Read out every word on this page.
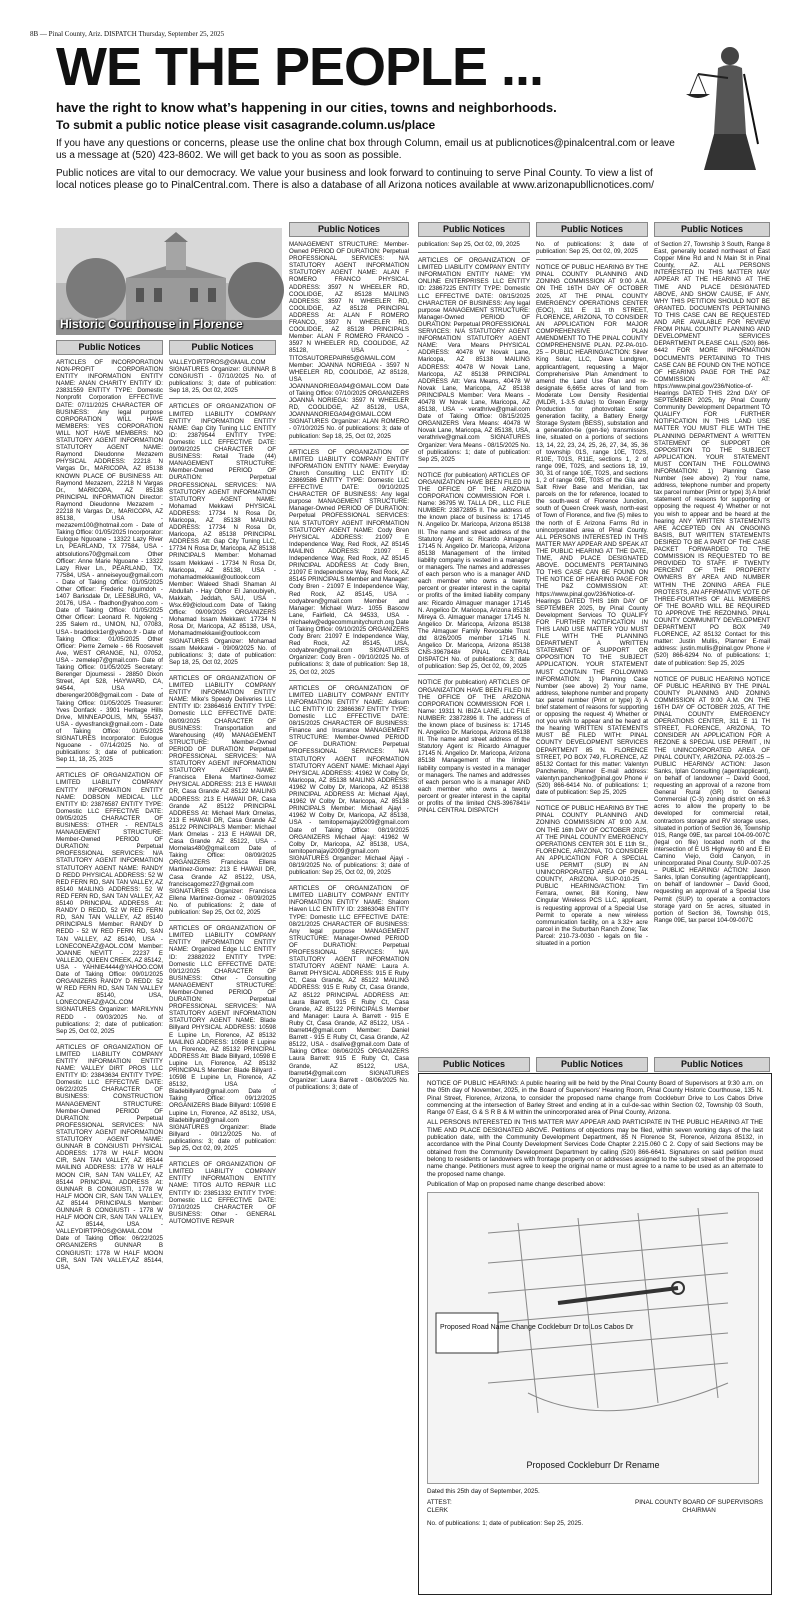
8B — Pinal County, Ariz. DISPATCH Thursday, September 25, 2025
WE THE PEOPLE ...
have the right to know what’s happening in our cities, towns and neighborhoods.
To submit a public notice please visit casagrande.column.us/place

If you have any questions or concerns, please use the online chat box through Column, email us at publicnotices@pinalcentral.com or leave us a message at (520) 423-8602. We will get back to you as soon as possible.

Public notices are vital to our democracy. We value your business and look forward to continuing to serve Pinal County. To view a list of local notices please go to PinalCentral.com. There is also a database of all Arizona notices available at www.arizonapubllicnotices.com/

Historic Courthouse in Florence
Public Notices

ARTICLES OF INCORPORATION NON-PROFIT CORPORATION ENTITY INFORMATION ENTITY NAME: ANAN CHARITY ENTITY ID: 23831559 ENTITY TYPE: Domestic Nonprofit Corporation EFFECTIVE DATE: 07/11/2025 CHARACTER OF BUSINESS: Any legal purpose CORPORATION WILL HAVE MEMBERS: YES CORPORATION WILL NOT HAVE MEMBERS: NO STATUTORY AGENT INFORMATION STATUTORY AGENT NAME: Raymond Dieudonne Mezazem PHYSICAL ADDRESS: 22218 N Vargas Dr., MARICOPA, AZ 85138 KNOWN PLACE OF BUSINESS Att: Raymond Mezazem, 22218 N Vargas Dr., MARICOPA, AZ 85138 PRINCIPAL INFORMATION Director: Raymond Dieudonne Mezazem - 22218 N Vargas Dr., MARICOPA, AZ 85138, USA - mezazem100@hotmail.com - Date of Taking Office: 01/05/2025 Incorporator: Eulogue Nguoane - 13322 Lazy River Ln, PEARLAND, TX 77584, USA - abtsolutions70@gmail.com Other Officer: Anne Marie Nguoane - 13322 Lazy River Ln., PEARLAND, TX, 77584, USA - anneiseyou@gmail.com - Date of Taking Office: 01/05/2025 Other Officer: Frederic Nguimdoh - 1407 Barksdale Dr, LEESBURG, VA, 20176, USA - fbadhon@yahoo.com - Date of Taking Office: 01/05/2025 Other Officer: Leonard R. Ngoleng - 235 Salem rd., UNION, NJ, 07083, USA - braddock1er@yahoo.fr - Date of Taking Office: 01/05/2025 Other Officer: Pierre Zemele - 66 Roosevelt Ave, WEST ORANGE, NJ, 07052, USA - zemelep7@gmail.com- Date of Taking Office: 01/05/2025 Secretary: Berenger Djoumessi - 28850 Dixon Street, Apt 528, HAYWARD, CA, 94544, USA - dberenger2008@gmail.com - Date of Taking Office: 01/05/2025 Treasurer: Yves Donfack - 3901 Heritage Hills Drive, MINNEAPOLIS, MN, 55437, USA - dyvesfranck@gmail.com - Date of Taking Office: 01/05/2025 SIGNATURES Incorporator: Eulogue Nguoane - 07/14/2025 No. of publications: 3; date of publication: Sep 11, 18, 25, 2025

ARTICLES OF ORGANIZATION OF LIMITED LIABILITY COMPANY ENTITY INFORMATION ENTITY NAME: DOBSON MEDICAL LLC ENTITY ID: 23876587 ENTITY TYPE: Domestic LLC EFFECTIVE DATE: 09/05/2025 CHARACTER OF BUSINESS: OTHER - RENTALS MANAGEMENT STRUCTURE: Member-Owned PERIOD OF DURATION: Perpetual PROFESSIONAL SERVICES: N/A STATUTORY AGENT INFORMATION STATUTORY AGENT NAME: RANDY D REDD PHYSICAL ADDRESS: 52 W RED FERN RD, SAN TAN VALLEY, AZ 85140 MAILING ADDRESS: 52 W RED FERN RD, SAN TAN VALLEY, AZ 85140 PRINCIPAL ADDRESS At: RANDY D REDD, 52 W RED FERN RD, SAN TAN VALLEY, AZ 85140 PRINCIPALS Member: RANDY D REDD - 52 W RED FERN RD, SAN TAN VALLEY, AZ 85140, USA - LONECONEAZ@AOL.COM Member: JOANNE NEVITT - 22237 E VALLEJO, QUEEN CREEK, AZ 85142, USA - YAHNIE4444@YAHOO.COM Date of Taking Office: 09/01/2025 ORGANIZERS RANDY D REDD: 52 W RED FERN RD, SAN TAN VALLEY AZ 85140, USA, LONECONEAZ@AOL.COM SIGNATURES Organizer: MARILYNN REDD - 09/03/2025 No. of publications: 2; date of publication: Sep 25, Oct 02, 2025

ARTICLES OF ORGANIZATION OF LIMITED LIABILITY COMPANY ENTITY INFORMATION ENTITY NAME: VALLEY DIRT PROS LLC ENTITY ID: 23843634 ENTITY TYPE: Domestic LLC EFFECTIVE DATE: 06/22/2025 CHARACTER OF BUSINESS: CONSTRUCTION MANAGEMENT STRUCTURE: Member-Owned PERIOD OF DURATION: Perpetual PROFESSIONAL SERVICES: N/A STATUTORY AGENT INFORMATION STATUTORY AGENT NAME: GUNNAR B CONGIUSTI PHYSICAL ADDRESS: 1778 W HALF MOON CIR, SAN TAN VALLEY, AZ 85144 MAILING ADDRESS: 1778 W HALF MOON CIR, SAN TAN VALLEY, AZ 85144 PRINCIPAL ADDRESS At: GUNNAR B CONGIUSTI, 1778 W HALF MOON CIR, SAN TAN VALLEY, AZ 85144 PRINCIPALS Member: GUNNAR B CONGIUSTI - 1778 W HALF MOON CIR, SAN TAN VALLEY, AZ 85144, USA - VALLEYDIRTPROS@GMAIL.COM Date of Taking Office: 06/22/2025 ORGANIZERS GUNNAR B CONGIUSTI: 1778 W HALF MOON CIR, SAN TAN VALLEY,AZ 85144, USA,

Public Notices

VALLEYDIRTPROS@GMAIL.COM SIGNATURES Organizer: GUNNAR B CONGIUSTI - 07/10/2025 No. of publications: 3; date of publication: Sep 18, 25, Oct 02, 2025

ARTICLES OF ORGANIZATION OF LIMITED LIABILITY COMPANY ENTITY INFORMATION ENTITY NAME: Gap City Tuning LLC ENTITY ID: 23879544 ENTITY TYPE: Domestic LLC EFFECTIVE DATE: 09/09/2025 CHARACTER OF BUSINESS: Retail Trade (44) MANAGEMENT STRUCTURE: Member-Owned PERIOD OF DURATION: Perpetual PROFESSIONAL SERVICES: N/A STATUTORY AGENT INFORMATION STATUTORY AGENT NAME: Mohamad Mekkawi PHYSICAL ADDRESS: 17734 N Rosa Dr, Maricopa, AZ 85138 MAILING ADDRESS: 17734 N Rosa Dr, Maricopa, AZ 85138 PRINCIPAL ADDRESS Att: Gap City Tuning LLC, 17734 N Rosa Dr, Maricopa, AZ 85138 PRINCIPALS Member: Mohamad Issam Mekkawi - 17734 N Rosa Dr, Maricopa, AZ 85138, USA - mohamadmekkawi@outlook.com Member: Waleed Shadi Shaman Al Abdullah - Hay Obhor El Janoubiyeh, Makkah, Jeddah, SAU, USA - Wsx.69@icloud.com Date of Taking Office: 09/09/2025 ORGANIZERS Mohamad Issam Mekkawi: 17734 N Rosa Dr, Maricopa, AZ 85138, USA, Mohamadmekkawi@outlook.com SIGNATURES Organizer: Mohamad Issam Mekkawi - 09/09/2025 No. of publications: 3; date of publication: Sep 18, 25, Oct 02, 2025

ARTICLES OF ORGANIZATION OF LIMITED LIABILITY COMPANY ENTITY INFORMATION ENTITY NAME: Mike's Speedy Deliveries LLC ENTITY ID: 23864616 ENTITY TYPE: Domestic LLC EFFECTIVE DATE: 08/09/2025 CHARACTER OF BUSINESS: Transportation and Warehousing (49) MANAGEMENT STRUCTURE: Member-Owned PERIOD OF DURATION: Perpetual PROFESSIONAL SERVICES: N/A STATUTORY AGENT INFORMATION STATUTORY AGENT NAME: Francisca Ellena Martinez-Gomez PHYSICAL ADDRESS: 213 E HAWAII DR, Casa Grande AZ 85122 MAILING ADDRESS: 213 E HAWAII DR, Casa Grande AZ 85122 PRINCIPAL ADDRESS At: Michael Mark Ornelas, 213 E HAWAII DR, Casa Grande AZ 85122 PRINCIPALS Member: Michael Mark Ornelas - 213 E HAWAII DR, Casa Grande AZ 85122, USA - Mornelas480@gmail.com Date of Taking Office: 08/09/2025 ORGANIZERS Francisca Ellena Martinez-Gomez: 213 E HAWAII DR, Casa Grande AZ 85122, USA, franciscagomez27@gmail.com SIGNATURES Organizer: Francisca Ellena Martinez-Gomez - 08/09/2025 No. of publications: 2; date of publication: Sep 25, Oct 02, 2025

ARTICLES OF ORGANIZATION OF LIMITED LIABILITY COMPANY ENTITY INFORMATION ENTITY NAME: Organized Edge LLC ENTITY ID: 23882022 ENTITY TYPE: Domestic LLC EFFECTIVE DATE: 09/12/2025 CHARACTER OF BUSINESS: Other - Consulting MANAGEMENT STRUCTURE: Member-Owned PERIOD OF DURATION: Perpetual PROFESSIONAL SERVICES: N/A STATUTORY AGENT INFORMATION STATUTORY AGENT NAME: Blade Billyard PHYSICAL ADDRESS: 10598 E Lupine Ln, Florence, AZ 85132 MAILING ADDRESS: 10598 E Lupine Ln, Florence, AZ 85132 PRINCIPAL ADDRESS Att: Blade Billyard, 10598 E Lupine Ln, Florence, AZ 85132 PRINCIPALS Member: Blade Billyard - 10598 E Lupine Ln, Florence, AZ 85132, USA - Bladebillyard@gmail.com Date of Taking Office: 09/12/2025 ORGANIZERS Blade Billyard: 10598 E Lupine Ln, Florence, AZ 85132, USA, Bladebillyard@gmail.com SIGNATURES Organizer: Blade Billyard - 09/12/2025 No. of publications: 3; date of publication: Sep 25, Oct 02, 09, 2025

ARTICLES OF ORGANIZATION OF LIMITED LIABILITY COMPANY ENTITY INFORMATION ENTITY NAME: TITOS AUTO REPAIR LLC ENTITY ID: 23851332 ENTITY TYPE: Domestic LLC EFFECTIVE DATE: 07/10/2025 CHARACTER OF BUSINESS: Other - GENERAL AUTOMOTIVE REPAIR

Public Notices

MANAGEMENT STRUCTURE: Member-Owned PERIOD OF DURATION: Perpetual PROFESSIONAL SERVICES: N/A STATUTORY AGENT INFORMATION STATUTORY AGENT NAME: ALAN F ROMERO FRANCO PHYSICAL ADDRESS: 3597 N WHEELER RD, COOLIDGE, AZ 85128 MAILING ADDRESS: 3597 N WHEELER RD, COOLIDGE, AZ 85128 PRINCIPAL ADDRESS At: ALAN F ROMERO FRANCO, 3597 N WHEELER RD, COOLIDGE, AZ 85128 PRINCIPALS Member: ALAN F ROMERO FRANCO - 3597 N WHEELER RD, COOLIDGE, AZ 85128, USA - TITOSAUTOREPAIR65@GMAIL.COM Member: JOANNA NORIEGA - 3597 N WHEELER RD, COOLIDGE, AZ 85128, USA - JOANNANORIEGA94@GMAIL.COM Date of Taking Office: 07/10/2025 ORGANIZERS JOANNA NORIEGA: 3597 N WHEELER RD, COOLIDGE, AZ 85128, USA, JOANNANORIEGA94@GMAIL.COM SIGNATURES Organizer: ALAN ROMERO - 07/10/2025 No. of publications: 3; date of publication: Sep 18, 25, Oct 02, 2025

ARTICLES OF ORGANIZATION OF LIMITED LIABILITY COMPANY ENTITY INFORMATION ENTITY NAME: Everyday Church Consulting LLC ENTITY ID: 23869586 ENTITY TYPE: Domestic LLC EFFECTIVE DATE: 09/10/2025 CHARACTER OF BUSINESS: Any legal purpose MANAGEMENT STRUCTURE: Manager-Owned PERIOD OF DURATION: Perpetual PROFESSIONAL SERVICES: N/A STATUTORY AGENT INFORMATION STATUTORY AGENT NAME: Cody Bren PHYSICAL ADDRESS: 21097 E Independence Way, Red Rock, AZ 85145 MAILING ADDRESS: 21097 E Independence Way, Red Rock, AZ 85145 PRINCIPAL ADDRESS At: Cody Bren, 21097 E Independence Way, Red Rock, AZ 85145 PRINCIPALS Member and Manager: Cody Bren - 21097 E Independence Way, Red Rock, AZ 85145, USA - codyabren@gmail.com Member and Manager: Michael Wurz- 1055 Bascow Lane, Fairfield, CA 94533, USA - michaelw@edgecommunitychurch.org Date of Taking Office: 09/10/2025 ORGANIZERS Cody Bren: 21097 E Independence Way, Red Rock, AZ 85145, USA, codyabren@gmail.com SIGNATURES Organizer: Cody Bren - 09/10/2025 No. of publications: 3; date of publication: Sep 18, 25, Oct 02, 2025

ARTICLES OF ORGANIZATION OF LIMITED LIABILITY COMPANY ENTITY INFORMATION ENTITY NAME: Adisum LLC ENTITY ID: 23866367 ENTITY TYPE: Domestic LLC EFFECTIVE DATE: 08/15/2025 CHARACTER OF BUSINESS: Finance and Insurance MANAGEMENT STRUCTURE: Member-Owned PERIOD OF DURATION: Perpetual PROFESSIONAL SERVICES: N/A STATUTORY AGENT INFORMATION STATUTORY AGENT NAME: Michael Ajayi PHYSICAL ADDRESS: 41962 W Colby Dr, Maricopa, AZ 85138 MAILING ADDRESS: 41962 W Colby Dr, Maricopa, AZ 85138 PRINCIPAL ADDRESS At: Michael Ajayi, 41962 W Colby Dr, Maricopa, AZ 85138 PRINCIPALS Member: Michael Ajayi - 41962 W Colby Dr, Maricopa, AZ 85138, USA - temitopemajayi2009@gmail.com Date of Taking Office: 08/19/2025 ORGANIZERS Michael Ajayi: 41962 W Colby Dr, Maricopa, AZ 85138, USA, temitopemajayi2009@gmail.com SIGNATURES Organizer: Michael Ajayi - 08/19/2025 No. of publications: 3; date of publication: Sep 25, Oct 02, 09, 2025

ARTICLES OF ORGANIZATION OF LIMITED LIABILITY COMPANY ENTITY INFORMATION ENTITY NAME: Shalom Haven LLC ENTITY ID: 23863048 ENTITY TYPE: Domestic LLC EFFECTIVE DATE: 08/21/2025 CHARACTER OF BUSINESS: Any legal purpose MANAGEMENT STRUCTURE: Manager-Owned PERIOD OF DURATION: Perpetual PROFESSIONAL SERVICES: N/A STATUTORY AGENT INFORMATION STATUTORY AGENT NAME: Laura A. Barrett PHYSICAL ADDRESS: 915 E Ruby Ct, Casa Grande, AZ 85122 MAILING ADDRESS: 915 E Ruby Ct, Casa Grande, AZ 85122 PRINCIPAL ADDRESS Att: Laura Barrett, 915 E Ruby Ct, Casa Grande, AZ 85122 PRINCIPALS Member and Manager: Laura A. Barrett - 915 E Ruby Ct, Casa Grande, AZ 85122, USA - lbarrett4@gmail.com Member: Daniel Barrett - 915 E Ruby Ct, Casa Grande, AZ 85122, USA - dsalive@gmail.com Date of Taking Office: 08/06/2025 ORGANIZERS Laura Barrett: 915 E Ruby Ct, Casa Grande, AZ 85122, USA, lbarrett4@gmail.com SIGNATURES Organizer: Laura Barrett - 08/06/2025 No. of publications: 3; date of

Public Notices

publication: Sep 25, Oct 02, 09, 2025

ARTICLES OF ORGANIZATION OF LIMITED LIABILITY COMPANY ENTITY INFORMATION ENTITY NAME: YM ONLINE ENTERPRISES LLC ENTITY ID: 23867225 ENTITY TYPE: Domestic LLC EFFECTIVE DATE: 08/15/2025 CHARACTER OF BUSINESS: Any legal purpose MANAGEMENT STRUCTURE: Manager-Owned PERIOD OF DURATION: Perpetual PROFESSIONAL SERVICES: N/A STATUTORY AGENT INFORMATION STATUTORY AGENT NAME: Vera Means PHYSICAL ADDRESS: 40478 W Novak Lane, Maricopa, AZ 85138 MAILING ADDRESS: 40478 W Novak Lane, Maricopa, AZ 85138 PRINCIPAL ADDRESS Att: Vera Means, 40478 W Novak Lane, Maricopa, AZ 85138 PRINCIPALS Member: Vera Means - 40478 W Novak Lane, Maricopa, AZ 85138, USA - verathrive@gmail.com Date of Taking Office: 08/15/2025 ORGANIZERS Vera Means: 40478 W Novak Lane, Maricopa, AZ 85138, USA, verathrive@gmail.com SIGNATURES Organizer: Vera Means - 08/15/2025 No. of publications: 1; date of publication: Sep 25, 2025

NOTICE (for publication) ARTICLES OF ORGANIZATION HAVE BEEN FILED IN THE OFFICE OF THE ARIZONA CORPORATION COMMISSION FOR I. Name: 36795 W. TALLA DR., LLC FILE NUMBER: 23872895 II. The address of the known place of business is: 17145 N. Angelico Dr. Maricopa, Arizona 85138 III. The name and street address of the Statutory Agent is: Ricardo Almaguer 17145 N. Angelico Dr. Maricopa, Arizona 85138 Management of the limited liability company is vested in a manager or managers. The names and addresses of each person who is a manager AND each member who owns a twenty percent or greater interest in the capital or profits of the limited liability company are: Ricardo Almaguer manager 17145 N. Angelico Dr. Maricopa, Arizona 85138 Mireya G. Almaguer manager 17145 N. Angelico Dr. Maricopa, Arizona 85138 The Almaguer Family Revocable Trust dtd 8/26/2005 member 17145 N. Angelico Dr. Maricopa, Arizona 85138 CNS-3967848# PINAL CENTRAL DISPATCH No. of publications: 3; date of publication: Sep 25, Oct 02, 09, 2025

NOTICE (for publication) ARTICLES OF ORGANIZATION HAVE BEEN FILED IN THE OFFICE OF THE ARIZONA CORPORATION COMMISSION FOR I. Name: 19311 N. IBIZA LANE, LLC FILE NUMBER: 23872896 II. The address of the known place of business is: 17145 N. Angelico Dr. Maricopa, Arizona 85138 III. The name and street address of the Statutory Agent is: Ricardo Almaguer 17145 N. Angelico Dr. Maricopa, Arizona 85138 Management of the limited liability company is vested in a manager or managers. The names and addresses of each person who is a manager AND each member who owns a twenty percent or greater interest in the capital or profits of the limited CNS-3967841# PINAL CENTRAL DISPATCH

Public Notices

No. of publications: 3; date of publication: Sep 25, Oct 02, 09, 2025

NOTICE OF PUBLIC HEARING BY THE PINAL COUNTY PLANNING AND ZONING COMMISSION AT 9:00 A.M. ON THE 16TH DAY OF OCTOBER 2025, AT THE PINAL COUNTY EMERGENCY OPERATIONS CENTER (EOC), 311 E 11 th STREET, FLORENCE, ARIZONA, TO CONSIDER AN APPLICATION FOR MAJOR COMPREHENSIVE PLAN AMENDMENT TO THE PINAL COUNTY COMPREHENSIVE PLAN. PZ-PA-010-25 – PUBLIC HEARING/ACTION: Silver King Solar, LLC, Dave Lundgren, applicant/agent, requesting a Major Comprehensive Plan Amendment to amend the Land Use Plan and re-designate 6,665± acres of land from Moderate Low Density Residential (MLDR, 1-3.5 du/ac) to Green Energy Production for photovoltaic solar generation facility, a Battery Energy Storage System (BESS), substation and a generation-tie (gen-tie) transmission line, situated on a portions of sections 13, 14, 22, 23, 24, 25, 26, 27, 34, 35, 36 of township 01S, range 10E, T02S, R10E, T01S, R11E, sections 1, 2 of range 09E, T02S, and sections 18, 19, 30, 31 of range 10E, T02S, and sections 1, 2 of range 09E, T03S of the Gila and Salt River Base and Meridian, tax parcels on the for reference, located to the south-west of Florence Junction, south of Queen Creek wash, north-east of Town of Florence, and five (5) miles to the north of E Arizona Farms Rd in unincorporated area of Pinal County. ALL PERSONS INTERESTED IN THIS MATTER MAY APPEAR AND SPEAK AT THE PUBLIC HEARING AT THE DATE, TIME, AND PLACE DESIGNATED ABOVE. DOCUMENTS PERTAINING TO THIS CASE CAN BE FOUND ON THE NOTICE OF HEARING PAGE FOR THE P&Z COMMISSION AT: https://www.pinal.gov/236/Notice-of-Hearings DATED THIS 16th DAY OF SEPTEMBER 2025, by Pinal County Development Services TO QUALIFY FOR FURTHER NOTIFICATION IN THIS LAND USE MATTER YOU MUST FILE WITH THE PLANNING DEPARTMENT A WRITTEN STATEMENT OF SUPPORT OR OPPOSITION TO THE SUBJECT APPLICATION. YOUR STATEMENT MUST CONTAIN THE FOLLOWING INFORMATION: 1) Planning Case Number (see above) 2) Your name, address, telephone number and property tax parcel number (Print or type) 3) A brief statement of reasons for supporting or opposing the request 4) Whether or not you wish to appear and be heard at the hearing WRITTEN STATEMENTS MUST BE FILED WITH: PINAL COUNTY DEVELOPMENT SERVICES DEPARTMENT 85 N. FLORENCE STREET, PO BOX 749, FLORENCE, AZ 85132 Contact for this matter: Valentyn Panchenko, Planner E-mail address: valentyn.panchenko@pinal.gov Phone # (520) 866-6414 No. of publications: 1; date of publication: Sep 25, 2025

NOTICE OF PUBLIC HEARING BY THE PINAL COUNTY PLANNING AND ZONING COMMISSION AT 9:00 A.M. ON THE 16th DAY OF OCTOBER 2025, AT THE PINAL COUNTY EMERGENCY OPERATIONS CENTER 301 E 11th St., FLORENCE, ARIZONA, TO CONSIDER AN APPLICATION FOR A SPECIAL USE PERMIT (SUP) IN AN UNINCORPORATED AREA OF PINAL COUNTY, ARIZONA. SUP-010-25 - PUBLIC HEARING/ACTION: Tim Ferrara, owner, Bill Koning, New Cingular Wireless PCS LLC, applicant, is requesting approval of a Special Use Permit to operate a new wireless communication facility, on a 3.32+ acre parcel in the Suburban Ranch Zone; Tax Parcel: 210-73-0030 - legals on file - situated in a portion

Public Notices

of Section 27, Township 3 South, Range 8 East, generally located northeast of East Copper Mine Rd and N Main St in Pinal County, AZ. ALL PERSONS INTERESTED IN THIS MATTER MAY APPEAR AT THE HEARING AT THE TIME AND PLACE DESIGNATED ABOVE, AND SHOW CAUSE, IF ANY, WHY THIS PETITION SHOULD NOT BE GRANTED. DOCUMENTS PERTAINING TO THIS CASE CAN BE REQUESTED AND ARE AVAILABLE FOR REVIEW FROM PINAL COUNTY PLANNING AND DEVELOPMENT SERVICES DEPARTMENT PLEASE CALL (520) 866-6442 FOR MORE INFORMATION DOCUMENTS PERTAINING TO THIS CASE CAN BE FOUND ON THE NOTICE OF HEARING PAGE FOR THE P&Z COMMISSION AT: https://www.pinal.gov/236/Notice-of-Hearings DATED THIS 22nd DAY OF SEPTEMBER 2025, by Pinal County Community Development Department TO QUALIFY FOR FURTHER NOTIFICATION IN THIS LAND USE MATTER YOU MUST FILE WITH THE PLANNING DEPARTMENT A WRITTEN STATEMENT OF SUPPORT OR OPPOSITION TO THE SUBJECT APPLICATION. YOUR STATEMENT MUST CONTAIN THE FOLLOWING INFORMATION: 1) Planning Case Number (see above) 2) Your name, address, telephone number and property tax parcel number (Print or type) 3) A brief statement of reasons for supporting or opposing the request 4) Whether or not you wish to appear and be heard at the hearing ANY WRITTEN STATEMENTS ARE ACCEPTED ON AN ONGOING BASIS, BUT WRITTEN STATEMENTS DESIRED TO BE A PART OF THE CASE PACKET FORWARDED TO THE COMMISSION IS REQUESTED TO BE PROVIDED TO STAFF. IF TWENTY PERCENT OF THE PROPERTY OWNERS BY AREA AND NUMBER WITHIN THE ZONING AREA FILE PROTESTS, AN AFFIRMATIVE VOTE OF THREE-FOURTHS OF ALL MEMBERS OF THE BOARD WILL BE REQUIRED TO APPROVE THE REZONING. PINAL COUNTY COMMUNITY DEVELOPMENT DEPARTMENT PO BOX 749 FLORENCE, AZ 85132 Contact for this matter: Justin Mullis, Planner E-mail address: justin.mullis@pinal.gov Phone # (520) 866-6294 No. of publications: 1; date of publication: Sep 25, 2025

NOTICE OF PUBLIC HEARING NOTICE OF PUBLIC HEARING BY THE PINAL COUNTY PLANNING AND ZONING COMMISSION AT 9:00 A.M. ON THE 16TH DAY OF OCTOBER 2025, AT THE PINAL COUNTY EMERGENCY OPERATIONS CENTER, 311 E 11 TH STREET, FLORENCE, ARIZONA, TO CONSIDER AN APPLICATION FOR A REZONE & SPECIAL USE PERMIT , IN THE UNINCORPORATED AREA OF PINAL COUNTY, ARIZONA. PZ-003-25 – PUBLIC HEARING/ ACTION: Jason Sanks, Iplan Consulting (agent/applicant), on behalf of landowner – David Good, requesting an approval of a rezone from General Rural (GR) to General Commercial (C-3) zoning district on ±6.3 acres to allow the property to be developed for commercial retail, contractors storage and RV storage uses, situated in portion of Section 36, Township 01S, Range 09E, tax parcel 104-09-007C (legal on file) located north of the intersection of E US Highway 60 and E El Camino Viejo, Gold Canyon, in unincorporated Pinal County. SUP-007-25 – PUBLIC HEARING/ ACTION: Jason Sanks, Iplan Consulting (agent/applicant), on behalf of landowner – David Good, requesting an approval of a Special Use Permit (SUP) to operate a contractors storage yard on 5± acres, situated in portion of Section 36, Township 01S, Range 09E, tax parcel 104-09-007C

Public Notices	Public Notices	Public Notices

NOTICE OF PUBLIC HEARING: A public hearing will be held by the Pinal County Board of Supervisors at 9:30 a.m. on the 05th day of November, 2025, in the Board of Supervisors' Hearing Room, Pinal County Historic Courthouse, 135 N. Pinal Street, Florence, Arizona, to consider the proposed name change from Cockleburr Drive to Los Cabos Drive commencing at the intersection of Barley Street and ending at in a cul-de-sac within Section 02, Township 03 South, Range 07 East, G & S R B & M within the unincorporated area of Pinal County, Arizona.

ALL PERSONS INTERESTED IN THIS MATTER MAY APPEAR AND PARTICIPATE IN THE PUBLIC HEARING AT THE TIME AND PLACE DESIGNATED ABOVE. Petitions of objections may be filed, within seven working days of the last publication date, with the Community Development Department, 85 N Florence St, Florence, Arizona 85132, in accordance with the Pinal County Development Services Code Chapter 2.215.060 C 2. Copy of said Sections may be obtained from the Community Development Department by calling (520) 866-6641. Signatures on said petition must belong to residents or landowners with frontage property on or addresses assigned to the subject street of the proposed name change. Petitioners must agree to keep the original name or must agree to a name to be used as an alternate to the proposed name change.

Publication of Map on proposed name change described above:

Proposed Road Name Change Cockleburr Dr to Los Cabos Dr
Proposed Cockleburr Dr Rename

Dated this 25th day of September, 2025.

ATTEST:
CLERK
PINAL COUNTY BOARD OF SUPERVISORS
CHAIRMAN

No. of publications: 1; date of publication: Sep 25, 2025.
